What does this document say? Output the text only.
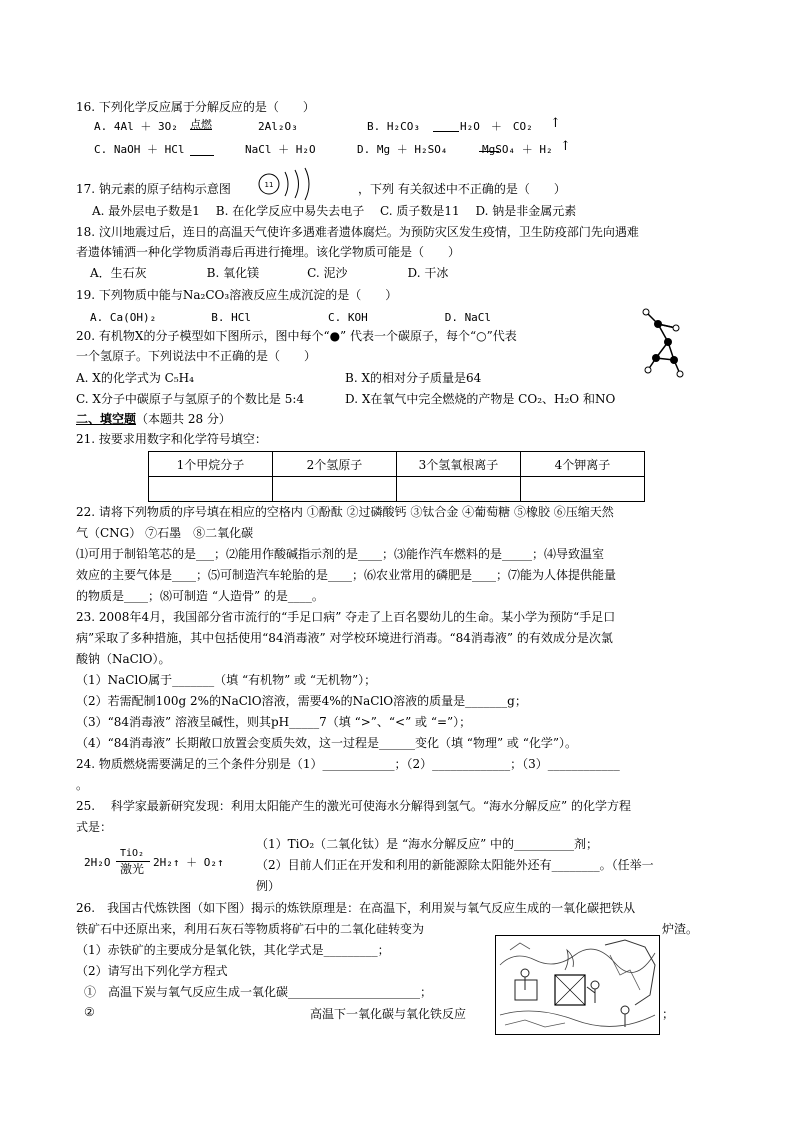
16. 下列化学反应属于分解反应的是（　　）
A. 4Al ＋ 3O₂ 点燃	2Al₂O₃	B. H₂CO₃	H₂O　＋　CO₂ ↑
C. NaOH ＋ HCl	NaCl ＋ H₂O	D. Mg ＋ H₂SO₄	MgSO₄ ＋ H₂ ↑
17. 钠元素的原子结构示意图	11	，下列 有关叙述中不正确的是（　　）
A. 最外层电子数是1　 B. 在化学反应中易失去电子　 C. 质子数是11　 D. 钠是非金属元素
18. 汶川地震过后，连日的高温天气使许多遇难者遗体腐烂。为预防灾区发生疫情，卫生防疫部门先向遇难
者遗体铺洒一种化学物质消毒后再进行掩埋。该化学物质可能是（　　）
A．生石灰　　　　　B. 氧化镁　　　　C. 泥沙　　　　　D. 干冰
19. 下列物质中能与Na₂CO₃溶液反应生成沉淀的是（　　）
A. Ca(OH)₂　　　　　B. HCl　　　　　　　C. KOH　　　　　　　D. NaCl
20. 有机物X的分子模型如下图所示，图中每个“●” 代表一个碳原子，每个“○”代表
一个氢原子。下列说法中不正确的是（　　）
A. X的化学式为 C₅H₄	B. X的相对分子质量是64
C. X分子中碳原子与氢原子的个数比是 5:4	D. X在氧气中完全燃烧的产物是 CO₂、H₂O 和NO
二、填空题（本题共 28 分）
21. 按要求用数字和化学符号填空：
1个甲烷分子	2个氢原子	3个氢氧根离子	4个钾离子

22. 请将下列物质的序号填在相应的空格内 ①酚酞 ②过磷酸钙 ③钛合金 ④葡萄糖 ⑤橡胶 ⑥压缩天然
气（CNG） ⑦石墨　⑧二氧化碳
⑴可用于制铅笔芯的是___；⑵能用作酸碱指示剂的是____；⑶能作汽车燃料的是_____；⑷导致温室
效应的主要气体是____；⑸可制造汽车轮胎的是____；⑹农业常用的磷肥是____；⑺能为人体提供能量
的物质是____；⑻可制造 “人造骨” 的是____。
23. 2008年4月，我国部分省市流行的“手足口病” 夺走了上百名婴幼儿的生命。某小学为预防“手足口
病”采取了多种措施，其中包括使用“84消毒液” 对学校环境进行消毒。“84消毒液” 的有效成分是次氯
酸钠（NaClO）。
（1）NaClO属于_______（填 “有机物” 或 “无机物”）；
（2）若需配制100g 2%的NaClO溶液，需要4%的NaClO溶液的质量是_______g；
（3）“84消毒液” 溶液呈碱性，则其pH_____7（填 “>”、“<” 或 “=”）；
（4）“84消毒液” 长期敞口放置会变质失效，这一过程是______变化（填 “物理” 或 “化学”）。
24. 物质燃烧需要满足的三个条件分别是（1）____________；（2）_____________；（3）____________
。
25.　 科学家最新研究发现：利用太阳能产生的激光可使海水分解得到氢气。“海水分解反应” 的化学方程
式是：
2H₂O
TiO₂
激光 2H₂↑ ＋ O₂↑
（1）TiO₂（二氧化钛）是 “海水分解反应” 中的__________剂；
（2）目前人们正在开发和利用的新能源除太阳能外还有________。（任举一
例）
26.　我国古代炼铁图（如下图）揭示的炼铁原理是：在高温下，利用炭与氧气反应生成的一氧化碳把铁从
铁矿石中还原出来，利用石灰石等物质将矿石中的二氧化硅转变为	炉渣。
（1）赤铁矿的主要成分是氧化铁，其化学式是_________；
（2）请写出下列化学方程式
①　高温下炭与氧气反应生成一氧化碳______________________；
②	高温下一氧化碳与氧化铁反应	；
